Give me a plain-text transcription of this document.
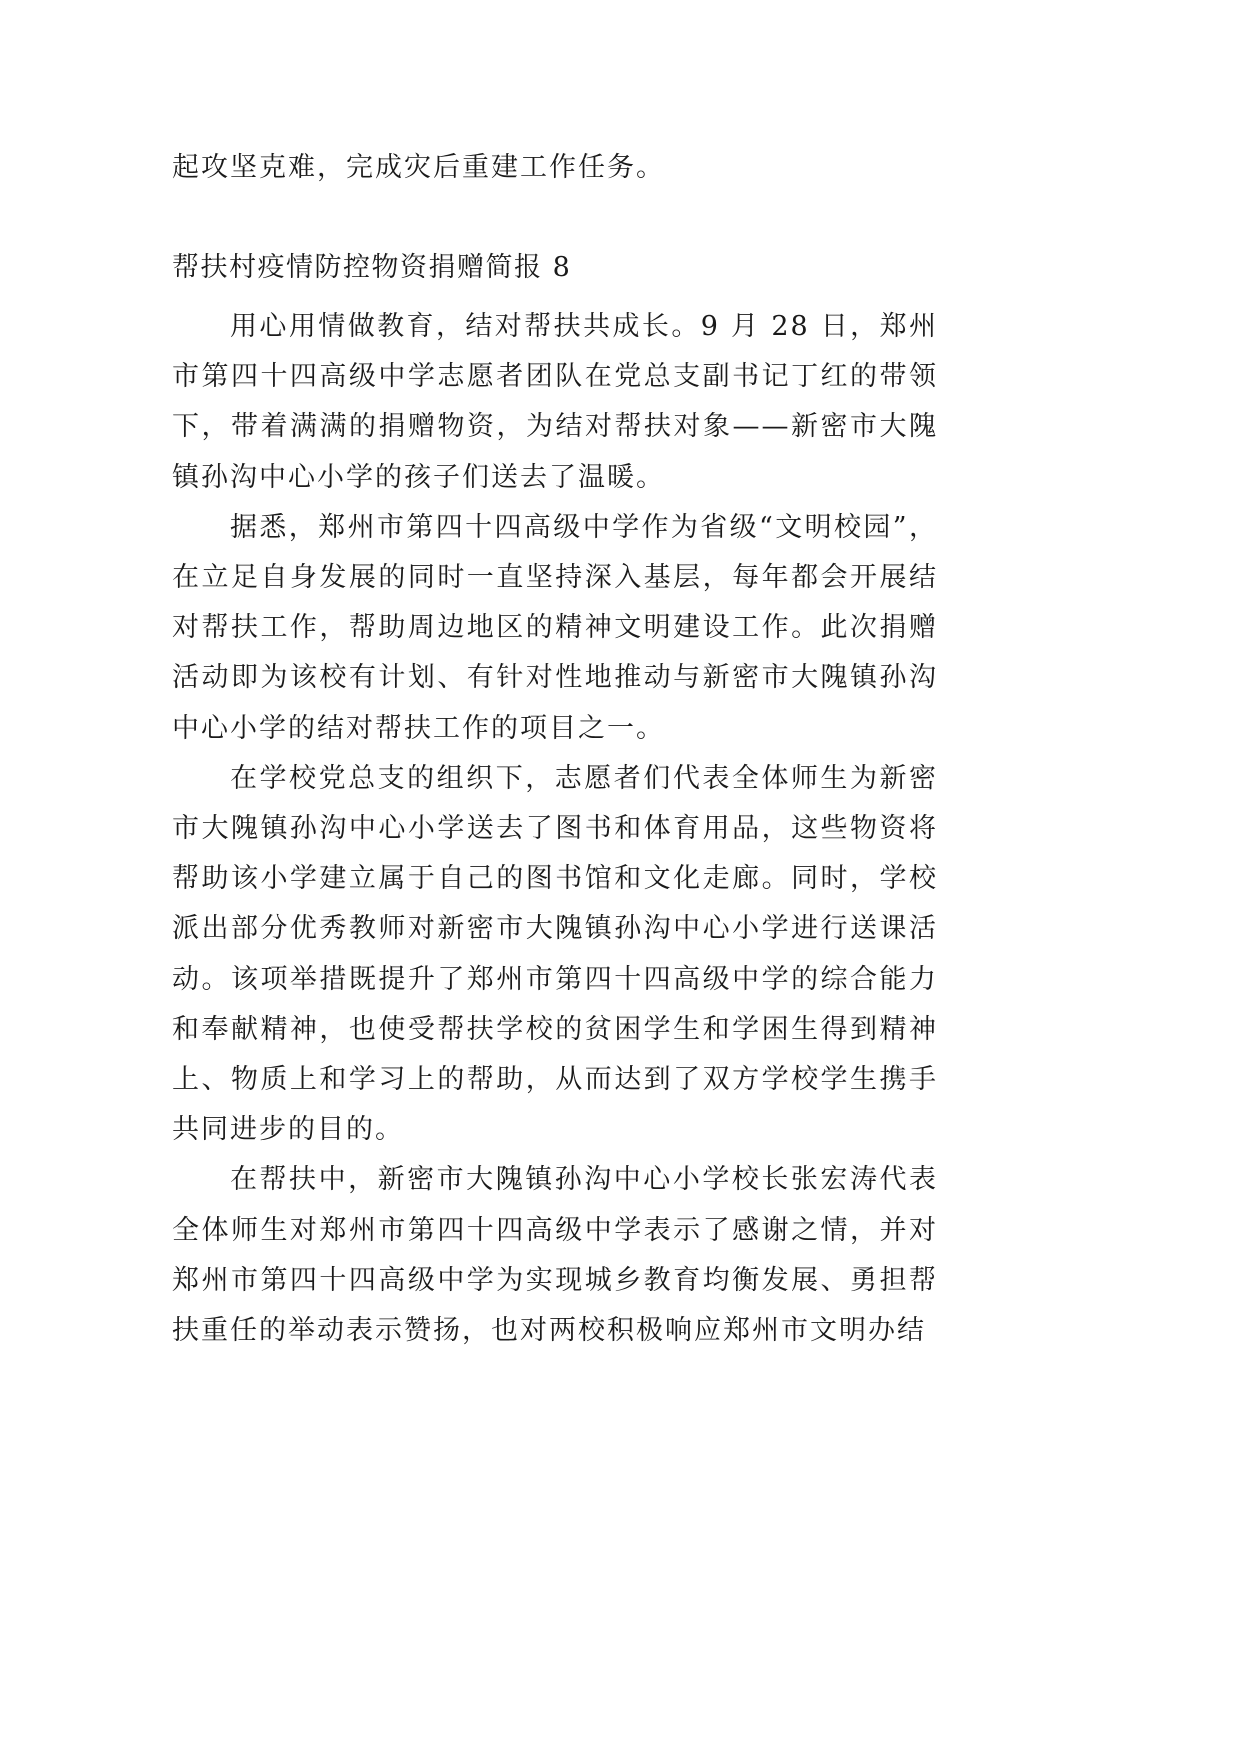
起攻坚克难，完成灾后重建工作任务。
帮扶村疫情防控物资捐赠简报 8

用心用情做教育，结对帮扶共成长。9 月 28 日，郑州市第四十四高级中学志愿者团队在党总支副书记丁红的带领下，带着满满的捐赠物资，为结对帮扶对象——新密市大隗镇孙沟中心小学的孩子们送去了温暖。

据悉，郑州市第四十四高级中学作为省级“文明校园”，在立足自身发展的同时一直坚持深入基层，每年都会开展结对帮扶工作，帮助周边地区的精神文明建设工作。此次捐赠活动即为该校有计划、有针对性地推动与新密市大隗镇孙沟中心小学的结对帮扶工作的项目之一。

在学校党总支的组织下，志愿者们代表全体师生为新密市大隗镇孙沟中心小学送去了图书和体育用品，这些物资将帮助该小学建立属于自己的图书馆和文化走廊。同时，学校派出部分优秀教师对新密市大隗镇孙沟中心小学进行送课活动。该项举措既提升了郑州市第四十四高级中学的综合能力和奉献精神，也使受帮扶学校的贫困学生和学困生得到精神上、物质上和学习上的帮助，从而达到了双方学校学生携手共同进步的目的。

在帮扶中，新密市大隗镇孙沟中心小学校长张宏涛代表全体师生对郑州市第四十四高级中学表示了感谢之情，并对郑州市第四十四高级中学为实现城乡教育均衡发展、勇担帮扶重任的举动表示赞扬，也对两校积极响应郑州市文明办结
